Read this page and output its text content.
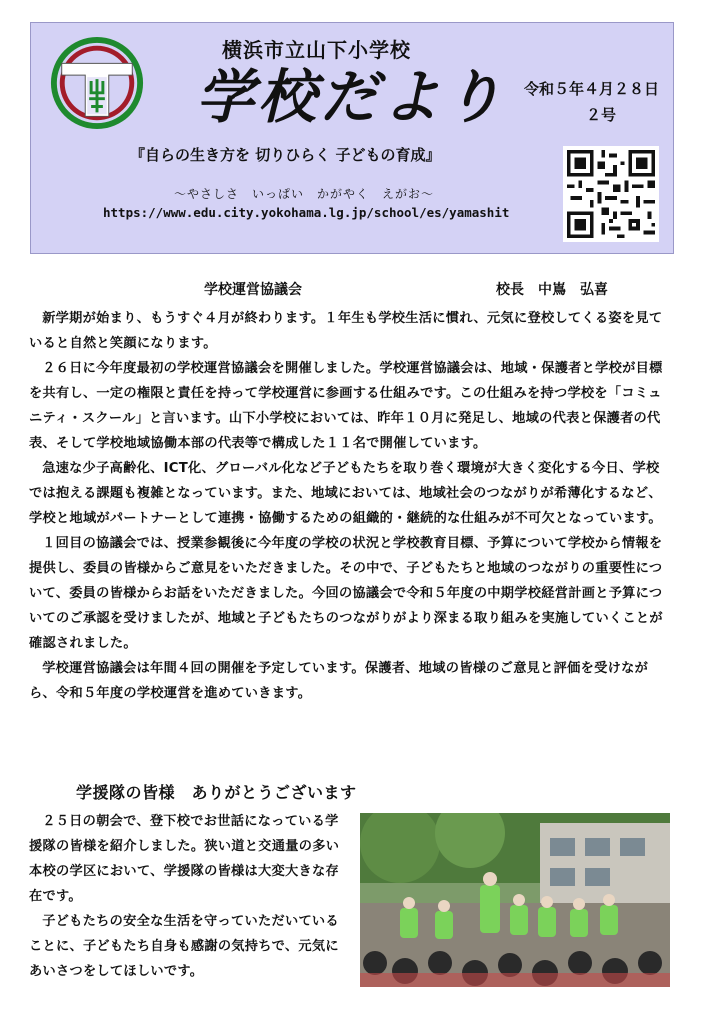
横浜市立山下小学校
学校だより 令和５年４月２８日
２号
『自らの生き方を 切りひらく 子どもの育成』
～やさしさ　いっぱい　かがやく　えがお～
https://www.edu.city.yokohama.lg.jp/school/es/yamashit
学校運営協議会	校長　中嶌　弘喜

新学期が始まり、もうすぐ４月が終わります。１年生も学校生活に慣れ、元気に登校してくる姿を見ていると自然と笑顔になります。

２６日に今年度最初の学校運営協議会を開催しました。学校運営協議会は、地域・保護者と学校が目標を共有し、一定の権限と責任を持って学校運営に参画する仕組みです。この仕組みを持つ学校を「コミュニティ・スクール」と言います。山下小学校においては、昨年１０月に発足し、地域の代表と保護者の代表、そして学校地域協働本部の代表等で構成した１１名で開催しています。

急速な少子高齢化、ICT化、グローバル化など子どもたちを取り巻く環境が大きく変化する今日、学校では抱える課題も複雑となっています。また、地域においては、地域社会のつながりが希薄化するなど、学校と地域がパートナーとして連携・協働するための組織的・継続的な仕組みが不可欠となっています。

１回目の協議会では、授業参観後に今年度の学校の状況と学校教育目標、予算について学校から情報を提供し、委員の皆様からご意見をいただきました。その中で、子どもたちと地域のつながりの重要性について、委員の皆様からお話をいただきました。今回の協議会で令和５年度の中期学校経営計画と予算についてのご承認を受けましたが、地域と子どもたちのつながりがより深まる取り組みを実施していくことが確認されました。

学校運営協議会は年間４回の開催を予定しています。保護者、地域の皆様のご意見と評価を受けながら、令和５年度の学校運営を進めていきます。

学援隊の皆様　ありがとうございます

２５日の朝会で、登下校でお世話になっている学援隊の皆様を紹介しました。狭い道と交通量の多い本校の学区において、学援隊の皆様は大変大きな存在です。

子どもたちの安全な生活を守っていただいていることに、子どもたち自身も感謝の気持ちで、元気にあいさつをしてほしいです。
